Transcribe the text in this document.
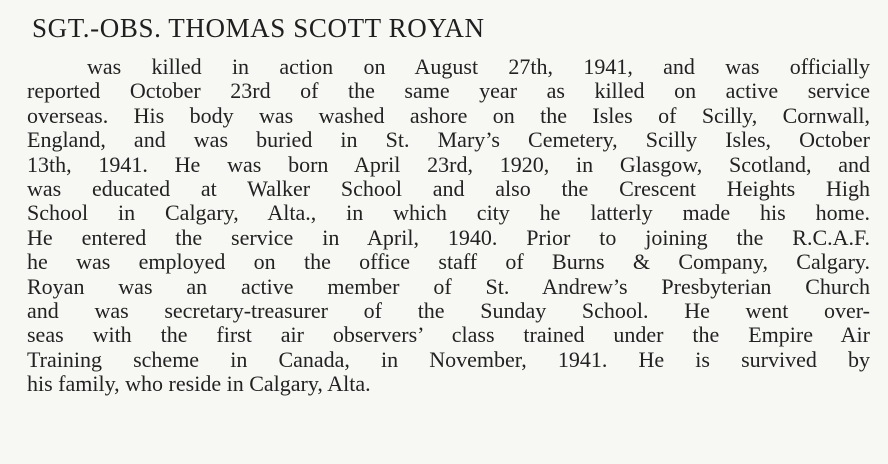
SGT.-OBS. THOMAS SCOTT ROYAN
was killed in action on August 27th, 1941, and was officially
reported October 23rd of the same year as killed on active service
overseas. His body was washed ashore on the Isles of Scilly, Cornwall,
England, and was buried in St. Mary’s Cemetery, Scilly Isles, October
13th, 1941. He was born April 23rd, 1920, in Glasgow, Scotland, and
was educated at Walker School and also the Crescent Heights High
School in Calgary, Alta., in which city he latterly made his home.
He entered the service in April, 1940. Prior to joining the R.C.A.F.
he was employed on the office staff of Burns & Company, Calgary.
Royan was an active member of St. Andrew’s Presbyterian Church
and was secretary-treasurer of the Sunday School. He went over-
seas with the first air observers’ class trained under the Empire Air
Training scheme in Canada, in November, 1941. He is survived by
his family, who reside in Calgary, Alta.
